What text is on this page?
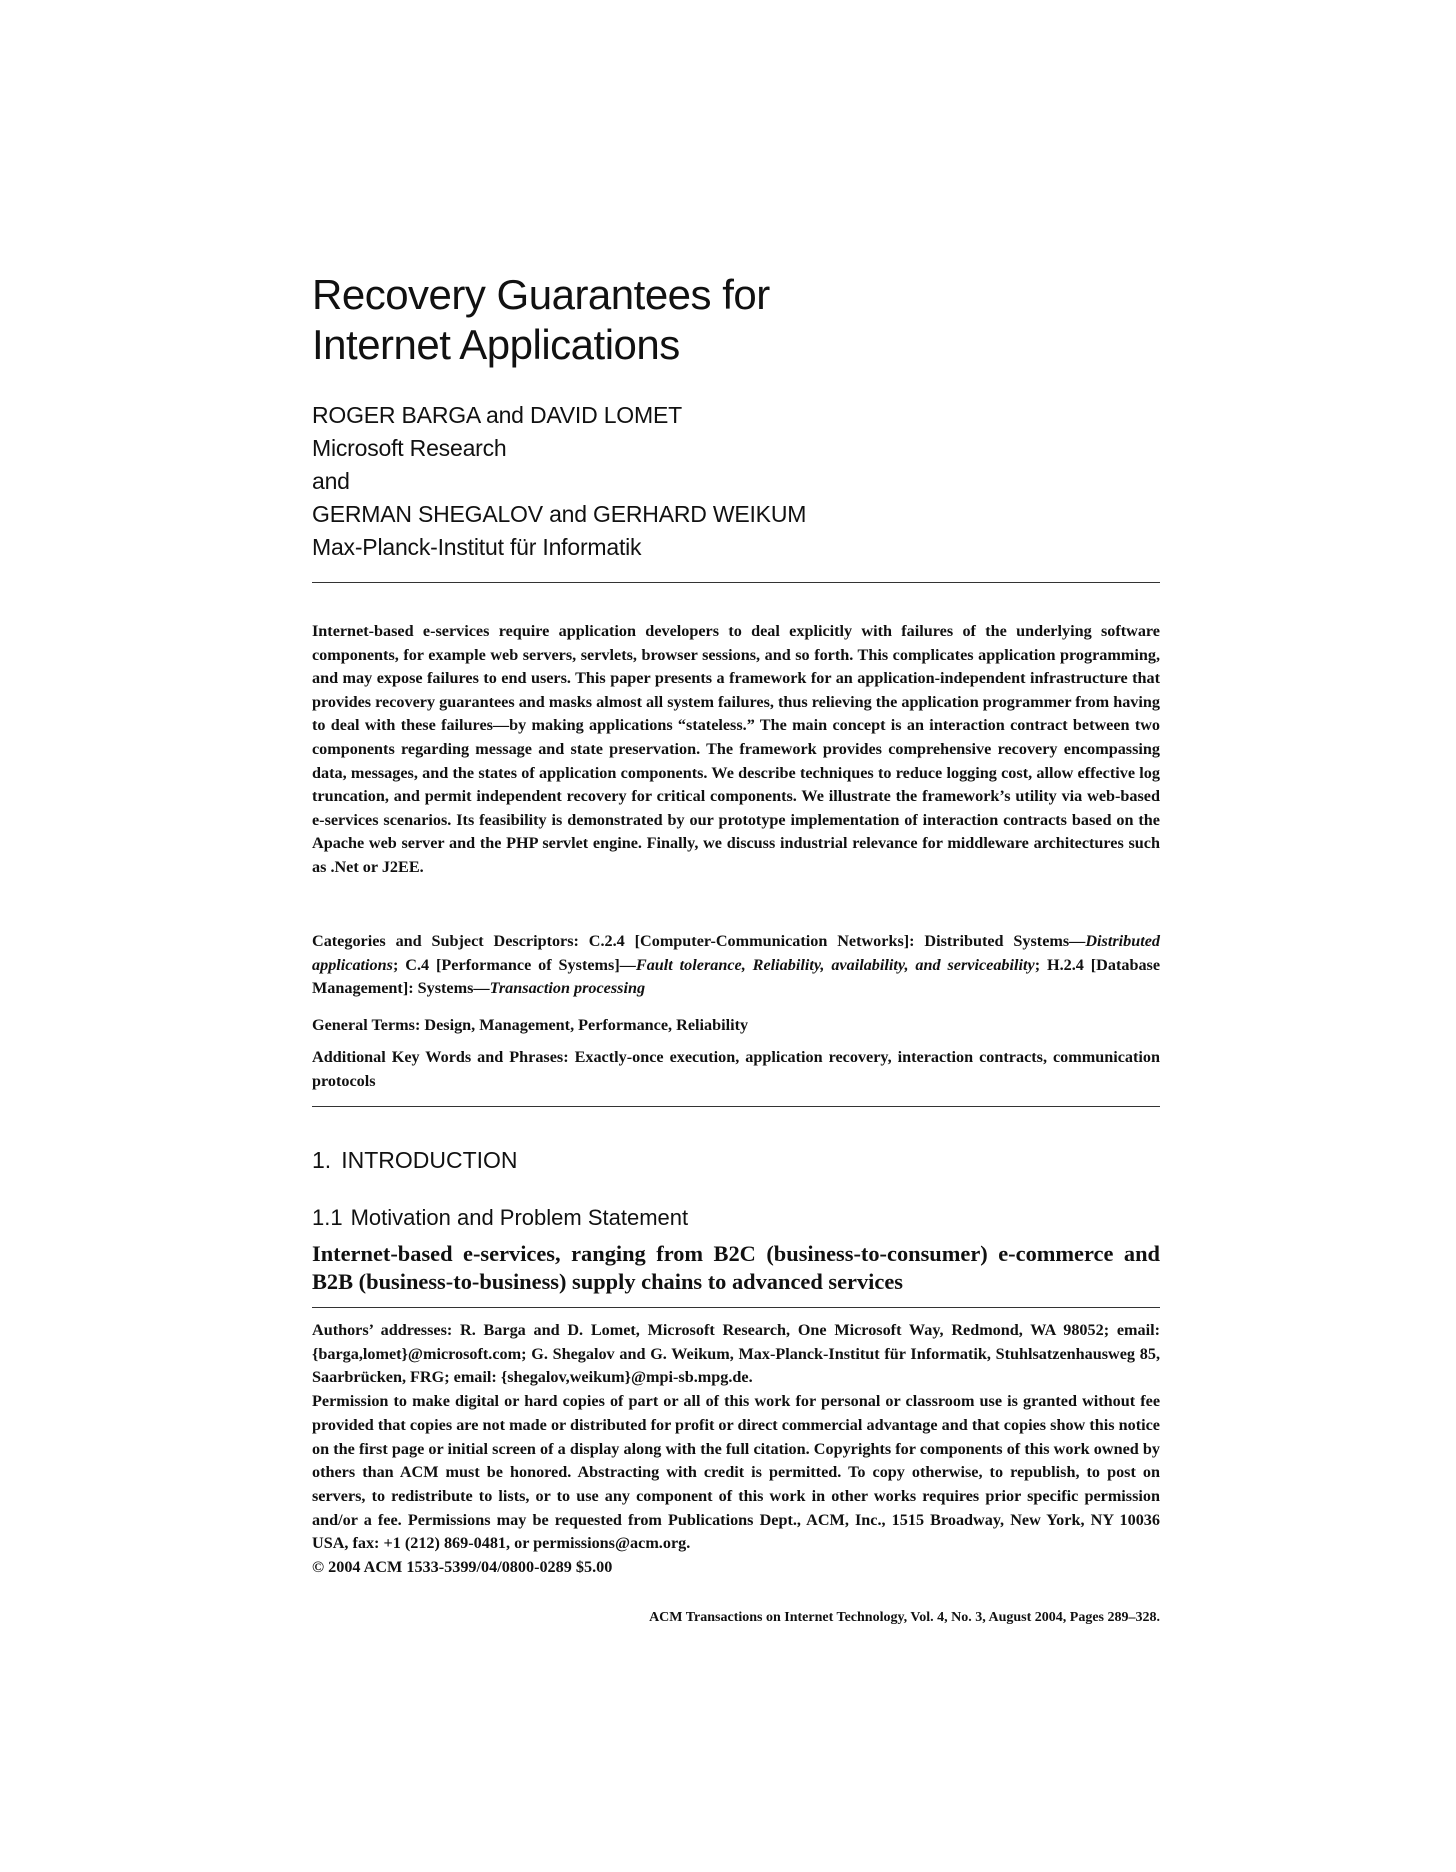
Recovery Guarantees for
Internet Applications
ROGER BARGA and DAVID LOMET
Microsoft Research
and
GERMAN SHEGALOV and GERHARD WEIKUM
Max-Planck-Institut für Informatik
Internet-based e-services require application developers to deal explicitly with failures of the underlying software components, for example web servers, servlets, browser sessions, and so forth. This complicates application programming, and may expose failures to end users. This paper presents a framework for an application-independent infrastructure that provides recovery guarantees and masks almost all system failures, thus relieving the application programmer from having to deal with these failures—by making applications “stateless.” The main concept is an interaction contract between two components regarding message and state preservation. The framework provides comprehensive recovery encompassing data, messages, and the states of application components. We describe techniques to reduce logging cost, allow effective log truncation, and permit independent recovery for critical components. We illustrate the framework’s utility via web-based e-services scenarios. Its feasibility is demonstrated by our prototype implementation of interaction contracts based on the Apache web server and the PHP servlet engine. Finally, we discuss industrial relevance for middleware architectures such as .Net or J2EE.
Categories and Subject Descriptors: C.2.4 [Computer-Communication Networks]: Distributed Systems—Distributed applications; C.4 [Performance of Systems]—Fault tolerance, Reliability, availability, and serviceability; H.2.4 [Database Management]: Systems—Transaction processing
General Terms: Design, Management, Performance, Reliability
Additional Key Words and Phrases: Exactly-once execution, application recovery, interaction contracts, communication protocols
1. INTRODUCTION
1.1 Motivation and Problem Statement
Internet-based e-services, ranging from B2C (business-to-consumer) e-commerce and B2B (business-to-business) supply chains to advanced services

Authors’ addresses: R. Barga and D. Lomet, Microsoft Research, One Microsoft Way, Redmond, WA 98052; email: {barga,lomet}@microsoft.com; G. Shegalov and G. Weikum, Max-Planck-Institut für Informatik, Stuhlsatzenhausweg 85, Saarbrücken, FRG; email: {shegalov,weikum}@mpi-sb.mpg.de.

Permission to make digital or hard copies of part or all of this work for personal or classroom use is granted without fee provided that copies are not made or distributed for profit or direct commercial advantage and that copies show this notice on the first page or initial screen of a display along with the full citation. Copyrights for components of this work owned by others than ACM must be honored. Abstracting with credit is permitted. To copy otherwise, to republish, to post on servers, to redistribute to lists, or to use any component of this work in other works requires prior specific permission and/or a fee. Permissions may be requested from Publications Dept., ACM, Inc., 1515 Broadway, New York, NY 10036 USA, fax: +1 (212) 869-0481, or permissions@acm.org.

© 2004 ACM 1533-5399/04/0800-0289 $5.00

ACM Transactions on Internet Technology, Vol. 4, No. 3, August 2004, Pages 289–328.
